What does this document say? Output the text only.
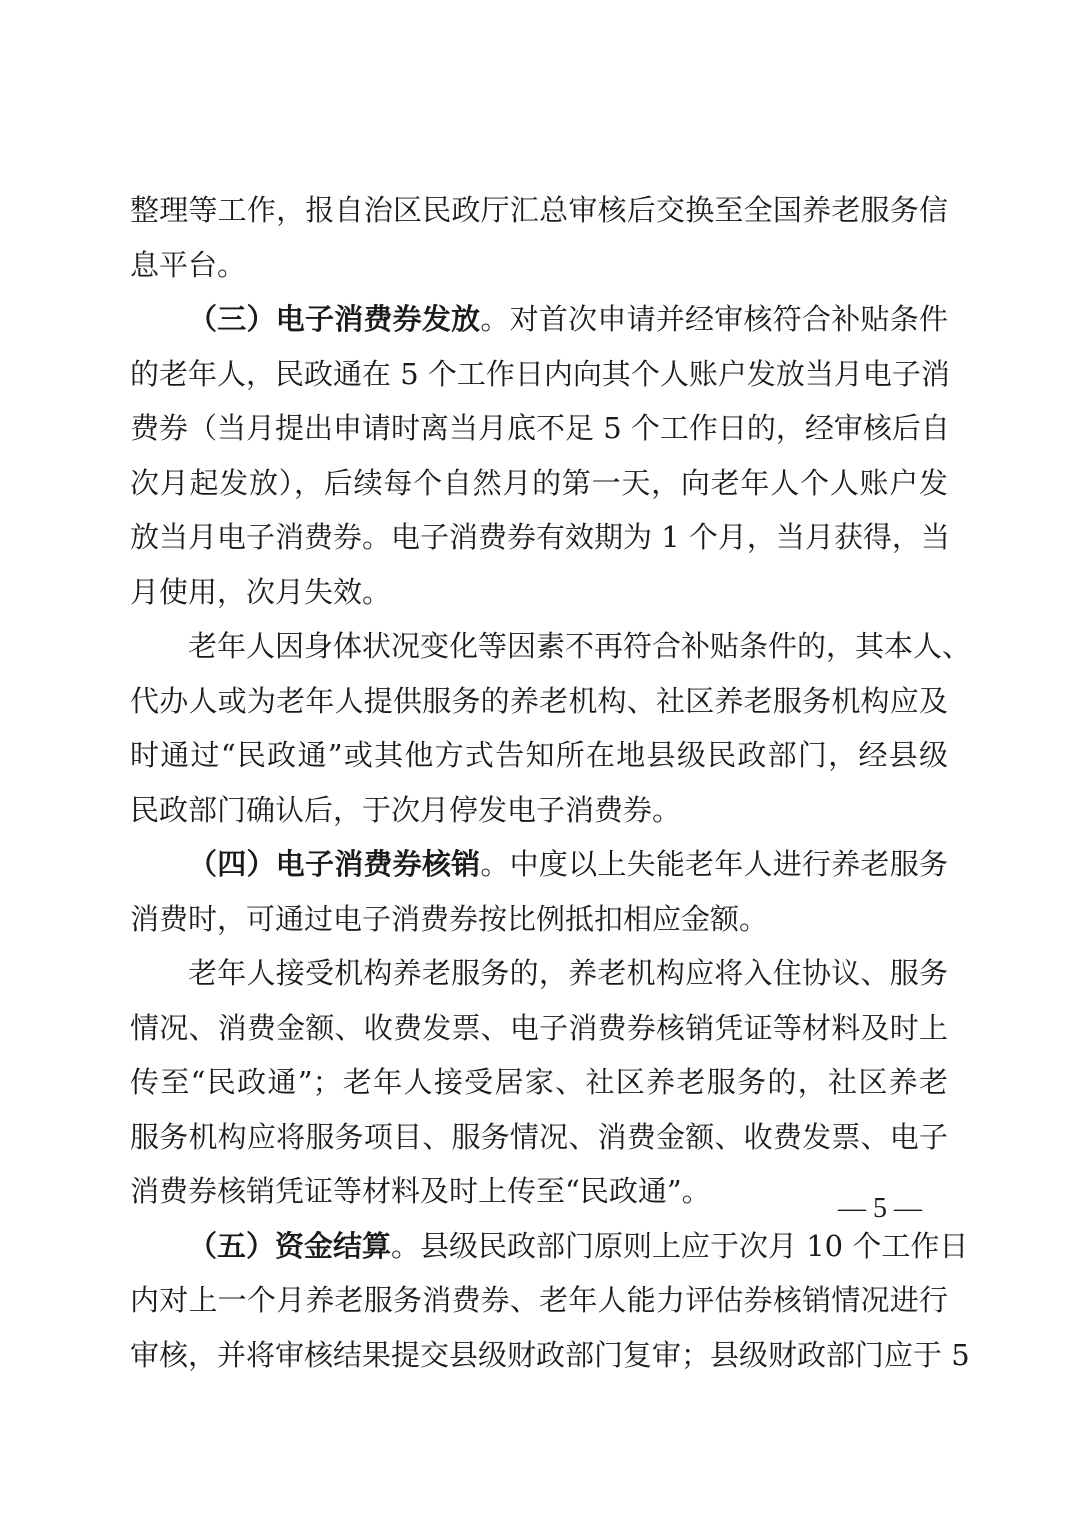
整理等工作，报自治区民政厅汇总审核后交换至全国养老服务信
息平台。
（三）电子消费券发放。对首次申请并经审核符合补贴条件
的老年人，民政通在 5 个工作日内向其个人账户发放当月电子消
费券（当月提出申请时离当月底不足 5 个工作日的，经审核后自
次月起发放），后续每个自然月的第一天，向老年人个人账户发
放当月电子消费券。电子消费券有效期为 1 个月，当月获得，当
月使用，次月失效。
老年人因身体状况变化等因素不再符合补贴条件的，其本人、
代办人或为老年人提供服务的养老机构、社区养老服务机构应及
时通过“民政通”或其他方式告知所在地县级民政部门，经县级
民政部门确认后，于次月停发电子消费券。
（四）电子消费券核销。中度以上失能老年人进行养老服务
消费时，可通过电子消费券按比例抵扣相应金额。
老年人接受机构养老服务的，养老机构应将入住协议、服务
情况、消费金额、收费发票、电子消费券核销凭证等材料及时上
传至“民政通”；老年人接受居家、社区养老服务的，社区养老
服务机构应将服务项目、服务情况、消费金额、收费发票、电子
消费券核销凭证等材料及时上传至“民政通”。
（五）资金结算。县级民政部门原则上应于次月 10 个工作日
内对上一个月养老服务消费券、老年人能力评估券核销情况进行
审核，并将审核结果提交县级财政部门复审；县级财政部门应于 5
— 5 —
